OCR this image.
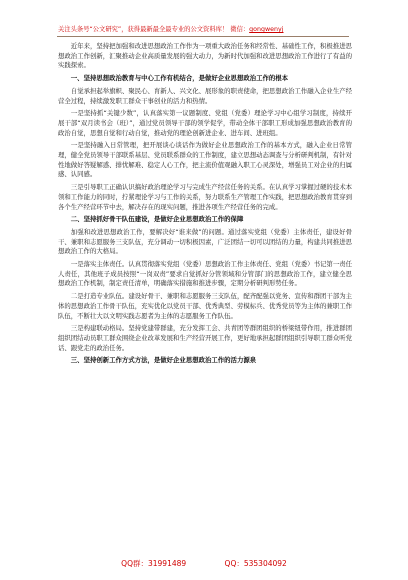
关注头条号“公文研究”，获得最新最全最专业的公文资料库！ 微信：gongwenyj

近年来，坚持把加强和改进思想政治工作作为一项重大政治任务和经常性、基础性工作，积极推进思想政治工作创新，汇聚推动企业高质量发展的强大动力，为新时代加强和改进思想政治工作进行了有益的实践探索。

一、坚持思想政治教育与中心工作有机结合，是做好企业思想政治工作的根本

自觉承担起举旗帜、聚民心、育新人、兴文化、展形象的职责使命，把思想政治工作融入企业生产经营全过程，持续激发职工群众干事创业的活力和热情。

一是坚持抓“关键少数”，认真落实第一议题制度、党组（党委）理论学习中心组学习制度，持续开展干部“双月读书会（班）”，通过党员领导干部的领学促学，带动全体干部职工形成加强思想政治教育的政治自觉，思想自觉和行动自觉，推动党的理论创新进企业、进车间、进班组。

一是坚持融入日常管理，把开展谈心谈话作为做好企业思想政治工作的基本方式，融入企业日常管理，健全党员领导干部联系基层、党员联系群众的工作制度，建立思想动态调查与分析研判机制，有针对性地做好答疑解惑、排忧解难、稳定人心工作，把主流价值观融入职工心灵深处，增强员工对企业的归属感、认同感。

三是引导职工正确认识搞好政治理论学习与完成生产经营任务的关系。在认真学习掌握过硬的技术本领和工作能力的同时，拧紧理论学习与工作的关系，努力联系生产管理工作实践，把思想政治教育贯穿到各个生产经营环节中去，解决存在的现实问题，推进各项生产经营任务的完成。

二、坚持抓好骨干队伍建设，是做好企业思想政治工作的保障

加强和改进思想政治工作，要解决好“谁来做”的问题。通过落实党组（党委）主体责任，建设好骨干、兼职和志愿服务三支队伍，充分调动一切积极因素，广泛团结一切可以团结的力量，构建共同推进思想政治工作的大格局。

一是落实主体责任。认真贯彻落实党组（党委）思想政治工作主体责任、党组（党委）书记第一责任人责任，其他班子成员按照“一岗双责”要求自觉抓好分管领域和分管部门的思想政治工作，建立健全思想政治工作机制，制定责任清单，明确落实措施和推进步骤，定期分析研判形势任务。

二是打造专业队伍。建设好骨干、兼职和志愿服务三支队伍，配齐配强以党务、宣传和群团干部为主体的思想政治工作骨干队伍，充实优化以党员干部、优秀典型、劳模标兵、优秀党员等为主体的兼职工作队伍，不断壮大以文明实践志愿者为主体的志愿服务工作队伍。

三是构建联动格局。坚持党建带群建，充分发挥工会、共青团等群团组织的桥梁纽带作用，推进群团组织团结动员职工群众围绕企业改革发展和生产经营开展工作，更好地承担起群团组织引导职工群众听党话、跟党走的政治任务。

三、坚持创新工作方式方法，是做好企业思想政治工作的活力源泉

QQ群：31991489	QQ：535304092
